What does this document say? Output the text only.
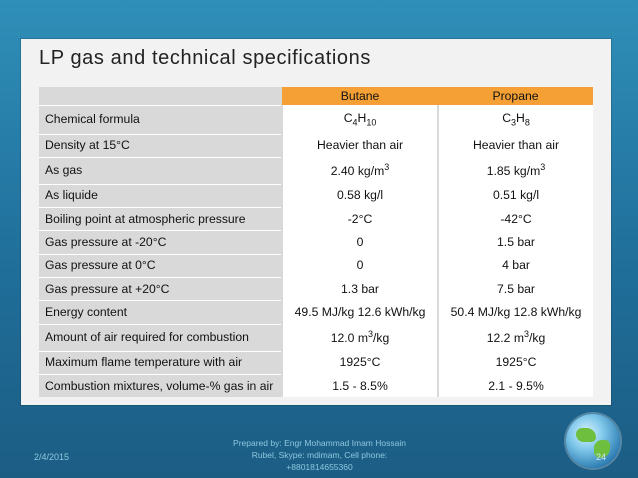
LP gas and technical specifications
	Butane	Propane
Chemical formula	$C_4H_{10}$	$C_3H_8$
Density at 15°C	Heavier than air	Heavier than air
As gas	2.40 $kg/m^3$	1.85 $kg/m^3$
As liquide	0.58 kg/l	0.51 kg/l
Boiling point at atmospheric pressure	-2°C	-42°C
Gas pressure at -20°C	0	1.5 bar
Gas pressure at 0°C	0	4 bar
Gas pressure at +20°C	1.3 bar	7.5 bar
Energy content	49.5 MJ/kg 12.6 kWh/kg	50.4 MJ/kg 12.8 kWh/kg
Amount of air required for combustion	12.0 $m^3/kg$	12.2 $m^3/kg$
Maximum flame temperature with air	1925°C	1925°C
Combustion mixtures, volume-% gas in air	1.5 - 8.5%	2.1 - 9.5%
2/4/2015
Prepared by: Engr Mohammad Imam Hossain Rubel, Skype: mdimam, Cell phone: +8801814655360
24
